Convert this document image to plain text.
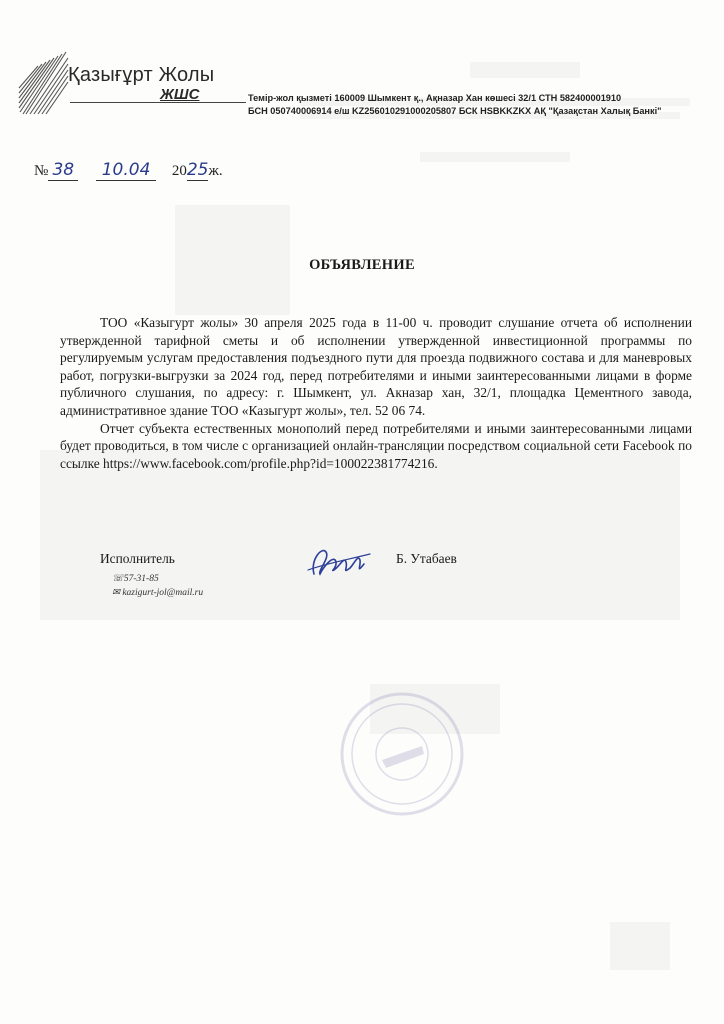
Қазығұрт Жолы
ЖШС	Темір-жол қызметі 160009 Шымкент қ., Ақназар Хан көшесі 32/1 СТН 582400001910
БСН 050740006914 е/ш KZ256010291000205807 БСК HSBKKZKX АҚ "Қазақстан Халық Банкі"
№ 38 10.04 2025ж.
ОБЪЯВЛЕНИЕ

ТОО «Казыгурт жолы» 30 апреля 2025 года в 11-00 ч. проводит слушание отчета об исполнении утвержденной тарифной сметы и об исполнении утвержденной инвестиционной программы по регулируемым услугам предоставления подъездного пути для проезда подвижного состава и для маневровых работ, погрузки-выгрузки за 2024 год, перед потребителями и иными заинтересованными лицами в форме публичного слушания, по адресу: г. Шымкент, ул. Акназар хан, 32/1, площадка Цементного завода, административное здание ТОО «Казыгурт жолы», тел. 52 06 74.

Отчет субъекта естественных монополий перед потребителями и иными заинтересованными лицами будет проводиться, в том числе с организацией онлайн-трансляции посредством социальной сети Facebook по ссылке https://www.facebook.com/profile.php?id=100022381774216.

Исполнитель
☏57-31-85
✉ kazigurt-jol@mail.ru
Б. Утабаев
